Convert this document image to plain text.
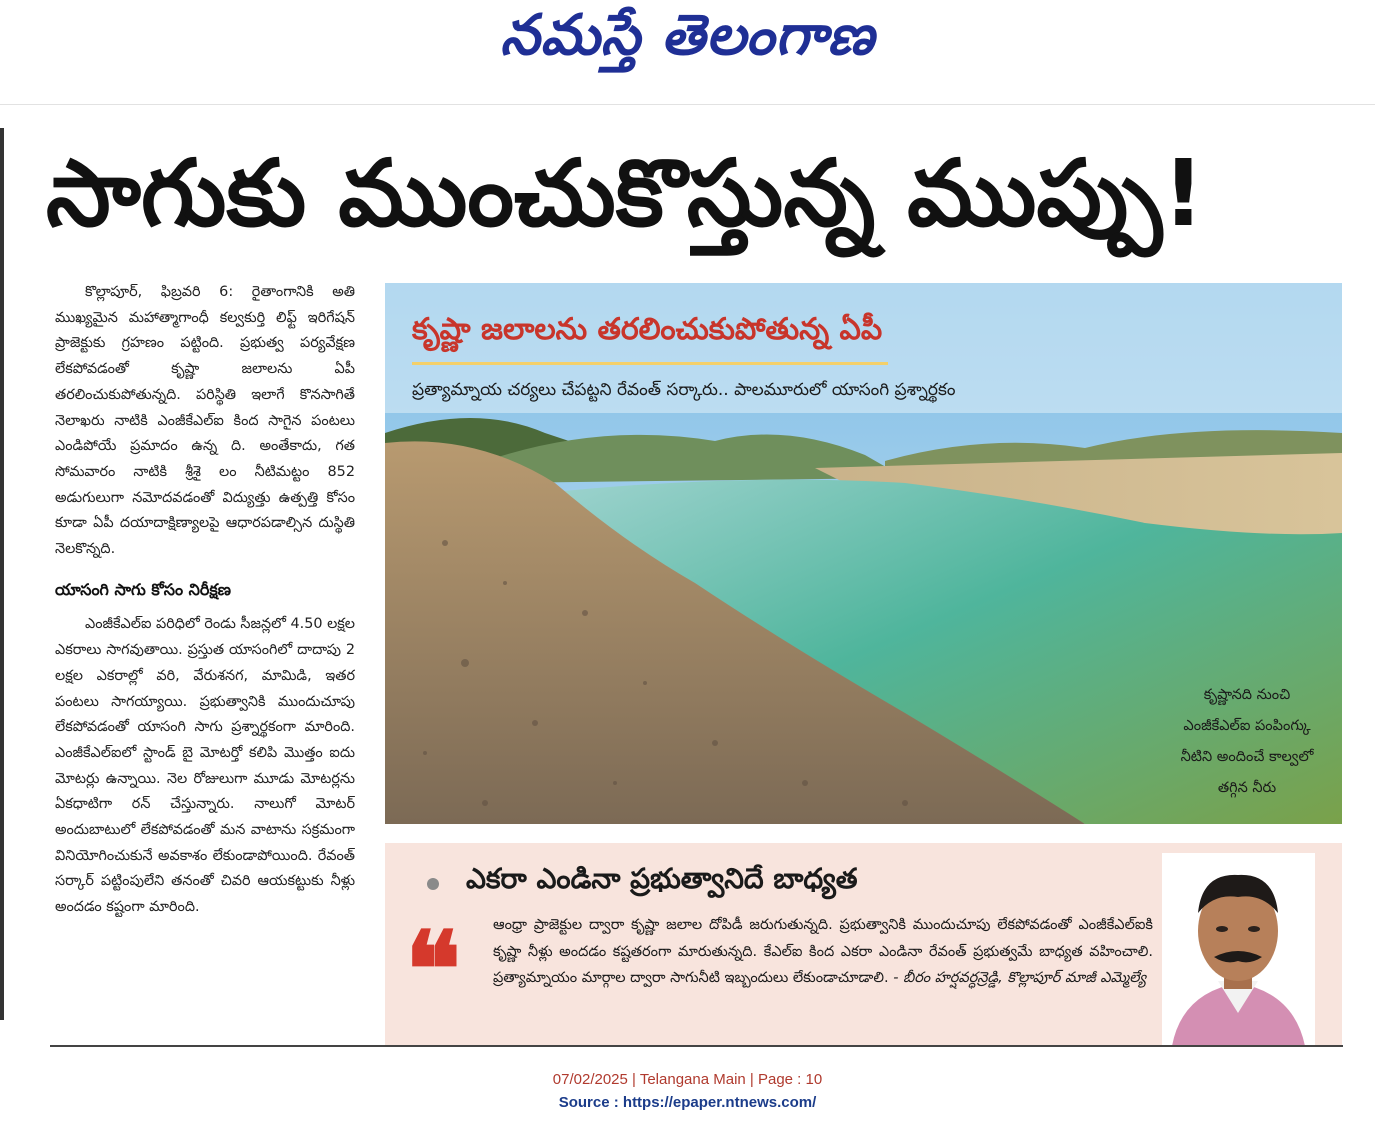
నమస్తే తెలంగాణ
సాగుకు ముంచుకొస్తున్న ముప్పు!

కొల్లాపూర్, ఫిబ్రవరి 6: రైతాంగానికి అతి ముఖ్యమైన మహాత్మాగాంధీ కల్వకుర్తి లిఫ్ట్ ఇరిగేషన్ ప్రాజెక్టుకు గ్రహణం పట్టింది. ప్రభుత్వ పర్యవేక్షణ లేకపోవడంతో కృష్ణా జలాలను ఏపీ తరలించుకుపోతున్నది. పరిస్థితి ఇలాగే కొనసాగితే నెలాఖరు నాటికి ఎంజీకేఎల్ఐ కింద సాగైన పంటలు ఎండిపోయే ప్రమాదం ఉన్న ది. అంతేకాదు, గత సోమవారం నాటికి శ్రీశై లం నీటిమట్టం 852 అడుగులుగా నమోదవడంతో విద్యుత్తు ఉత్పత్తి కోసం కూడా ఏపీ దయాదాక్షిణ్యాలపై ఆధారపడాల్సిన దుస్థితి నెలకొన్నది.

యాసంగి సాగు కోసం నిరీక్షణ

ఎంజీకేఎల్ఐ పరిధిలో రెండు సీజన్లలో 4.50 లక్షల ఎకరాలు సాగవుతాయి. ప్రస్తుత యాసంగిలో దాదాపు 2 లక్షల ఎకరాల్లో వరి, వేరుశనగ, మామిడి, ఇతర పంటలు సాగయ్యాయి. ప్రభుత్వానికి ముందుచూపు లేకపోవడంతో యాసంగి సాగు ప్రశ్నార్థకంగా మారింది. ఎంజీకేఎల్ఐలో స్టాండ్ బై మోటర్తో కలిపి మొత్తం ఐదు మోటర్లు ఉన్నాయి. నెల రోజులుగా మూడు మోటర్లను ఏకధాటిగా రన్ చేస్తున్నారు. నాలుగో మోటర్ అందుబాటులో లేకపోవడంతో మన వాటాను సక్రమంగా వినియోగించుకునే అవకాశం లేకుండాపోయింది. రేవంత్ సర్కార్ పట్టింపులేని తనంతో చివరి ఆయకట్టుకు నీళ్లు అందడం కష్టంగా మారింది.

కృష్ణా జలాలను తరలించుకుపోతున్న ఏపీ
ప్రత్యామ్నాయ చర్యలు చేపట్టని రేవంత్ సర్కారు.. పాలమూరులో యాసంగి ప్రశ్నార్థకం
కృష్ణానది నుంచి ఎంజీకేఎల్ఐ పంపింగ్కు నీటిని అందించే కాల్వలో తగ్గిన నీరు
ఎకరా ఎండినా ప్రభుత్వానిదే బాధ్యత
❝ ఆంధ్రా ప్రాజెక్టుల ద్వారా కృష్ణా జలాల దోపిడీ జరుగుతున్నది. ప్రభుత్వానికి ముందుచూపు లేకపోవడంతో ఎంజీకేఎల్ఐకి కృష్ణా నీళ్లు అందడం కష్టతరంగా మారుతున్నది. కేఎల్ఐ కింద ఎకరా ఎండినా రేవంత్ ప్రభుత్వమే బాధ్యత వహించాలి. ప్రత్యామ్నాయం మార్గాల ద్వారా సాగునీటి ఇబ్బందులు లేకుండాచూడాలి. - బీరం హర్షవర్ధన్రెడ్డి, కొల్లాపూర్ మాజీ ఎమ్మెల్యే
07/02/2025 | Telangana Main | Page : 10
Source : https://epaper.ntnews.com/
